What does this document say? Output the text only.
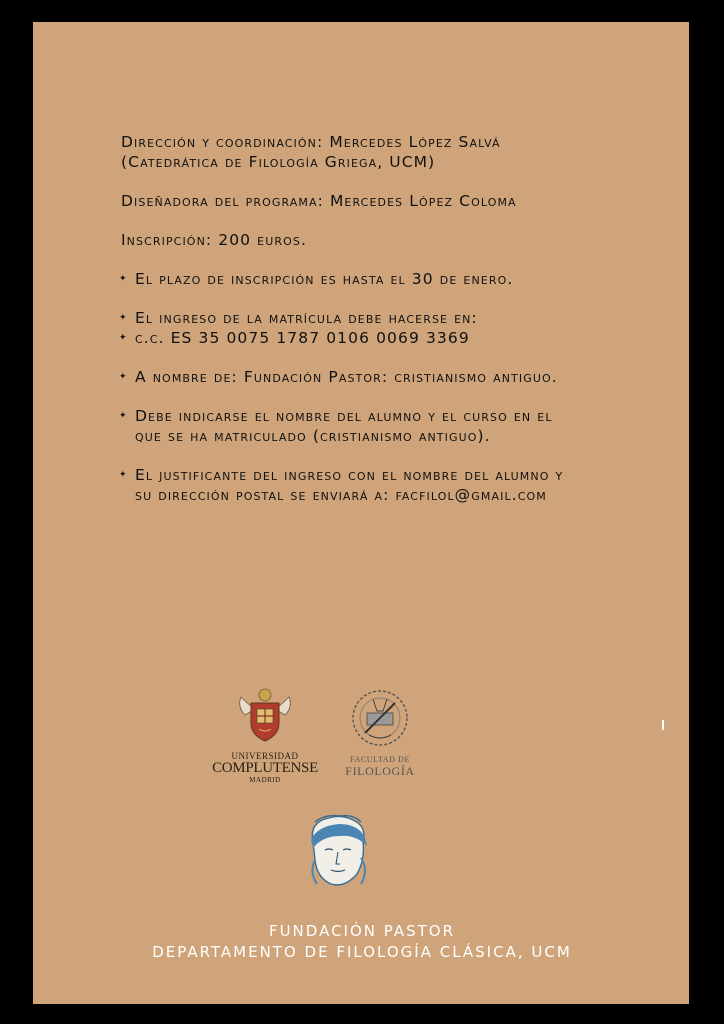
Dirección y coordinación: Mercedes López Salvá (Catedrática de Filología Griega, UCM)

Diseñadora del programa: Mercedes López Coloma

Inscripción: 200 euros.

✦ El plazo de inscripción es hasta el 30 de enero.
✦ El ingreso de la matrícula debe hacerse en:
✦ c.c. ES 35 0075 1787 0106 0069 3369
✦ A nombre de: Fundación Pastor: cristianismo antiguo.
✦ Debe indicarse el nombre del alumno y el curso en el que se ha matriculado (cristianismo antiguo).
✦ El justificante del ingreso con el nombre del alumno y su dirección postal se enviará a: facfilol@gmail.com
UNIVERSIDAD
COMPLUTENSE
MADRID
FACULTAD DE
FILOLOGÍA
FUNDACIÓN PASTOR
DEPARTAMENTO DE FILOLOGÍA CLÁSICA, UCM
